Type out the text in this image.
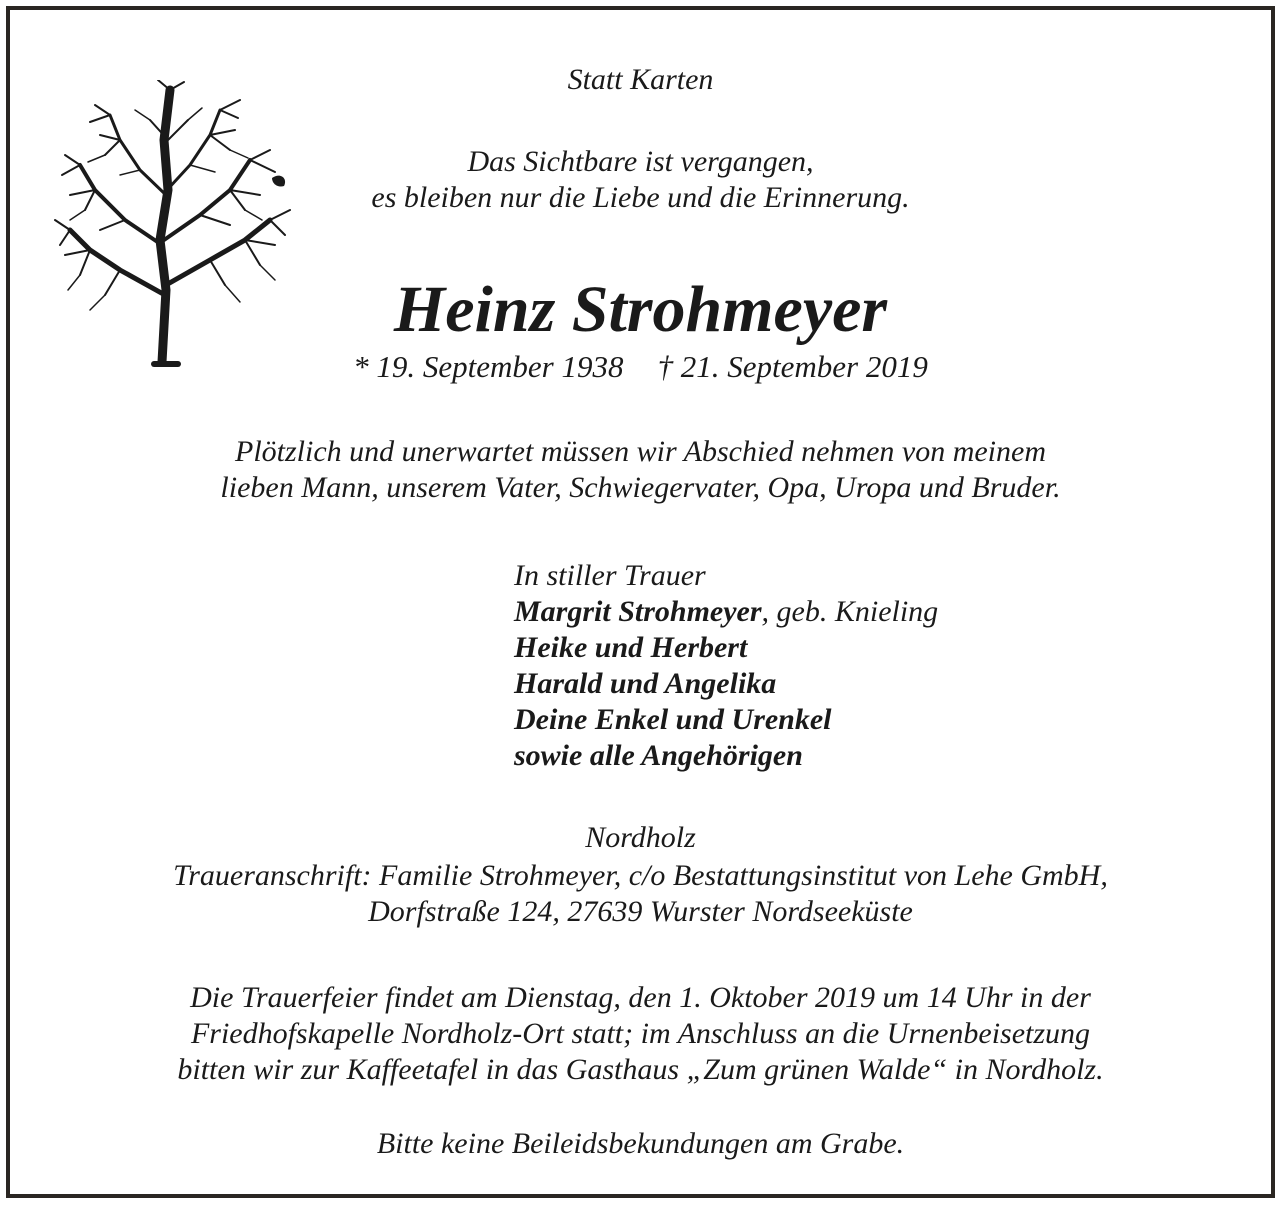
Statt Karten
Das Sichtbare ist vergangen,
es bleiben nur die Liebe und die Erinnerung.
Heinz Strohmeyer
* 19. September 1938 † 21. September 2019
Plötzlich und unerwartet müssen wir Abschied nehmen von meinem
lieben Mann, unserem Vater, Schwiegervater, Opa, Uropa und Bruder.
In stiller Trauer
Margrit Strohmeyer, geb. Knieling
Heike und Herbert
Harald und Angelika
Deine Enkel und Urenkel
sowie alle Angehörigen
Nordholz
Traueranschrift: Familie Strohmeyer, c/o Bestattungsinstitut von Lehe GmbH,
Dorfstraße 124, 27639 Wurster Nordseeküste
Die Trauerfeier findet am Dienstag, den 1. Oktober 2019 um 14 Uhr in der
Friedhofskapelle Nordholz-Ort statt; im Anschluss an die Urnenbeisetzung
bitten wir zur Kaffeetafel in das Gasthaus „Zum grünen Walde“ in Nordholz.
Bitte keine Beileidsbekundungen am Grabe.
